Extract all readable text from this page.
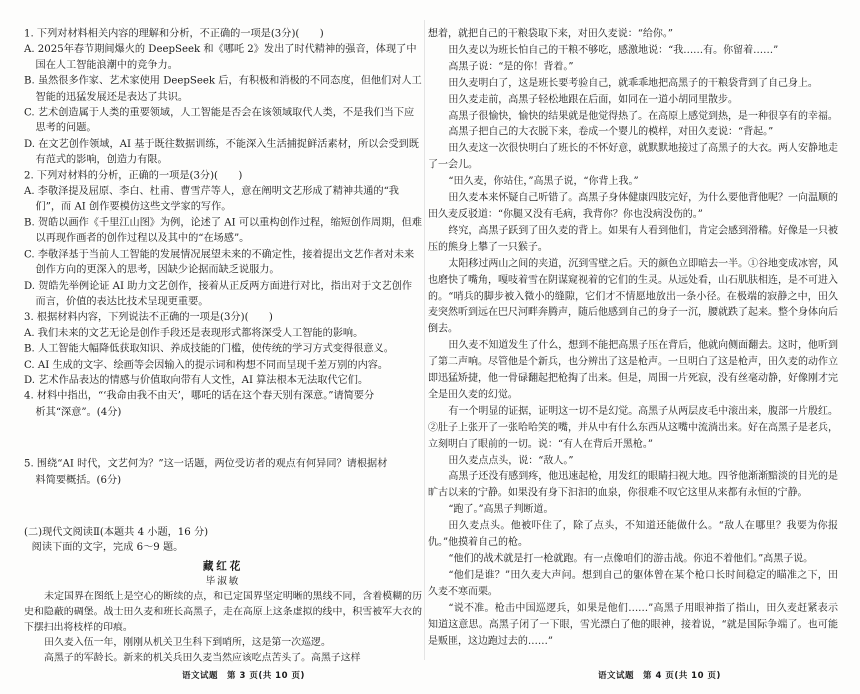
1. 下列对材料相关内容的理解和分析，不正确的一项是(3分)(　　)
A. 2025年春节期间爆火的 DeepSeek 和《哪吒 2》发出了时代精神的强音，体现了中国在人工智能浪潮中的竞争力。
B. 虽然很多作家、艺术家使用 DeepSeek 后，有积极和消极的不同态度，但他们对人工智能的迅猛发展还是表达了共识。
C. 艺术创造属于人类的重要领域，人工智能是否会在该领域取代人类，不是我们当下应思考的问题。
D. 在文艺创作领域，AI 基于既往数据训练，不能深入生活捕捉鲜活素材，所以会受到既有范式的影响，创造力有限。
2. 下列对材料的分析，正确的一项是(3分)(　　)
A. 李敬泽提及屈原、李白、杜甫、曹雪芹等人，意在阐明文艺形成了精神共通的“我们”，而 AI 创作要模仿这些文学家的写作。
B. 贺皓以画作《千里江山图》为例，论述了 AI 可以重构创作过程，缩短创作周期，但难以再现作画者的创作过程以及其中的“在场感”。
C. 李敬泽基于当前人工智能的发展情况展望未来的不确定性，接着提出文艺作者对未来创作方向的更深入的思考，因缺少论据而缺乏说服力。
D. 贺皓先举例论证 AI 助力文艺创作，接着从正反两方面进行对比，指出对于文艺创作而言，价值的表达比技术呈现更重要。
3. 根据材料内容，下列说法不正确的一项是(3分)(　　)
A. 我们未来的文艺无论是创作手段还是表现形式都将深受人工智能的影响。
B. 人工智能大幅降低获取知识、养成技能的门槛，使传统的学习方式变得很意义。
C. AI 生成的文字、绘画等会因输入的提示词和构想不同而呈现千差万别的内容。
D. 艺术作品表达的情感与价值取向带有人文性，AI 算法根本无法取代它们。
4. 材料中指出，“‘我命由我不由天’，哪吒的话在这个春天别有深意。”请简要分
析其“深意”。(4分)
5. 围绕“AI 时代，文艺何为？”这一话题，两位受访者的观点有何异同？请根据材
料简要概括。(6分)
(二)现代文阅读Ⅱ(本题共 4 小题，16 分)
阅读下面的文字，完成 6～9 题。
藏红花
毕淑敏
未定国界在图纸上是空心的断续的点，和已定国界坚定明晰的黑线不同，含着模糊的历史和隐蔽的碉堡。战士田久麦和班长高黑子，走在高原上这条虚拟的线中，积雪被军大衣的下摆扫出将枝样的印痕。
田久麦入伍一年，刚刚从机关卫生科下到哨所，这是第一次巡逻。
高黑子的军龄长。新来的机关兵田久麦当然应该吃点苦头了。高黑子这样
想着，就把自己的干粮袋取下来，对田久麦说：“给你。”
田久麦以为班长怕自己的干粮不够吃，感激地说：“我……有。你留着……”
高黑子说：“是的你！背着。”
田久麦明白了，这是班长要考验自己，就乖乖地把高黑子的干粮袋背到了自己身上。
田久麦走前，高黑子轻松地跟在后面，如同在一道小胡同里散步。
高黑子很愉快，愉快的结果就是他觉得热了。在高原上感觉到热，是一种很享有的幸福。
高黑子把自己的大衣脱下来，卷成一个婴儿的模样，对田久麦说：“背起。”
田久麦这一次很快明白了班长的不怀好意，就默默地接过了高黑子的大衣。两人安静地走了一会儿。
“田久麦，你站住，”高黑子说，“你背上我。”
田久麦本来怀疑自己听错了。高黑子身体健康四肢完好，为什么要他背他呢？一向温顺的田久麦反驳道：“你腿又没有毛病，我背你？你也没病没伤的。”
终究，高黑子跃到了田久麦的背上。如果有人看到他们，肯定会感到滑稽。好像是一只被压的熊身上攀了一只猴子。
太阳移过两山之间的夹道，沉到雪壁之后。天的颜色立即暗去一半。①谷地变成冰窖，风也磨快了嘴角，嘎吱着雪在阴谋窥视着的它们的生灵。从远处看，山石肌肤相连，是不可进入的。“哨兵的脚步被入微小的缝隙，它们才不情愿地放出一条小径。在极端的寂静之中，田久麦突然听到远在巴尺河畔奔腾声，随后他感到自己的身子一沉，腰就跌了起来。整个身体向后倒去。
田久麦不知道发生了什么，想到不能把高黑子压在背后，他就向侧面翻去。这时，他听到了第二声响。尽管他是个新兵，也分辨出了这是枪声。一旦明白了这是枪声，田久麦的动作立即迅猛矫捷，他一骨碌翻起把枪掏了出来。但是，周围一片死寂，没有丝毫动静，好像刚才完全是田久麦的幻觉。
有一个明显的证据，证明这一切不是幻觉。高黑子从两层皮毛中滚出来，腹部一片殷红。②肚子上张开了一张哈哈笑的嘴，并从中有什么东西从这嘴中流淌出来。好在高黑子是老兵，立刻明白了眼前的一切。说：“有人在背后开黑枪。”
田久麦点点头，说：“敌人。”
高黑子还没有感到疼，他迅速起枪，用发红的眼睛扫视大地。四爷他渐渐黯淡的目光的是旷古以来的宁静。如果没有身下汩汩的血泉，你很难不叹它这里从来都有永恒的宁静。
“跑了。”高黑子判断道。
田久麦点头。他被吓住了，除了点头，不知道还能做什么。“敌人在哪里？我要为你报仇。”他摸着自己的枪。
“他们的战术就是打一枪就跑。有一点像咱们的游击战。你追不着他们。”高黑子说。
“他们是谁？”田久麦大声问。想到自己的躯体曾在某个枪口长时间稳定的瞄准之下，田久麦不寒而栗。
“说不准。枪击中国巡逻兵，如果是他们……”高黑子用眼神指了指山，田久麦赶紧表示知道这意思。高黑子闭了一下眼，雪光漂白了他的眼神，接着说，“就是国际争端了。也可能是贩匪，这边跑过去的……”
语文试题　第 3 页(共 10 页)	语文试题　第 4 页(共 10 页)
